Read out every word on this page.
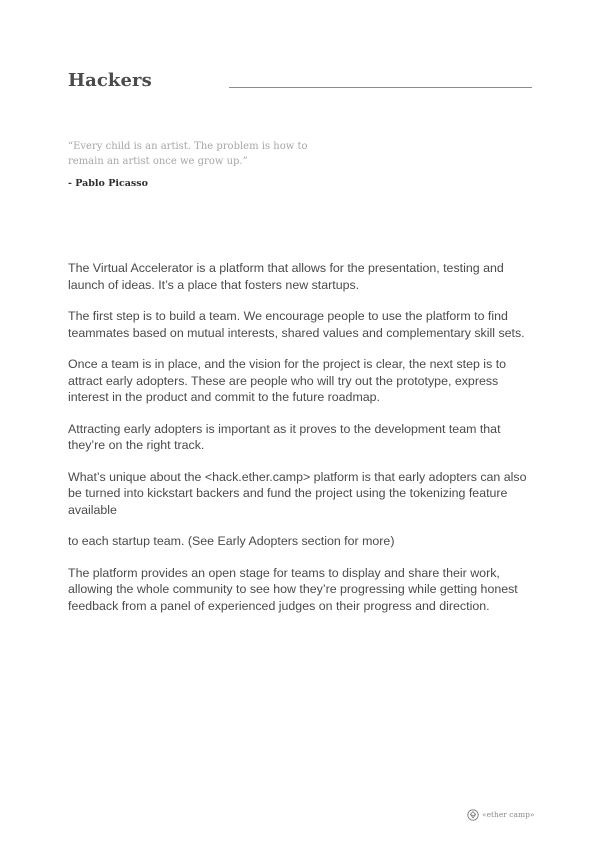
Hackers
“Every child is an artist. The problem is how to remain an artist once we grow up.”
- Pablo Picasso

The Virtual Accelerator is a platform that allows for the presentation, testing and launch of ideas. It’s a place that fosters new startups.

The first step is to build a team. We encourage people to use the platform to find teammates based on mutual interests, shared values and complementary skill sets.

Once a team is in place, and the vision for the project is clear, the next step is to attract early adopters. These are people who will try out the prototype, express interest in the product and commit to the future roadmap.

Attracting early adopters is important as it proves to the development team that they’re on the right track.

What’s unique about the <hack.ether.camp> platform is that early adopters can also be turned into kickstart backers and fund the project using the tokenizing feature available

to each startup team. (See Early Adopters section for more)

The platform provides an open stage for teams to display and share their work, allowing the whole community to see how they’re progressing while getting honest feedback from a panel of experienced judges on their progress and direction.

«ether camp»
